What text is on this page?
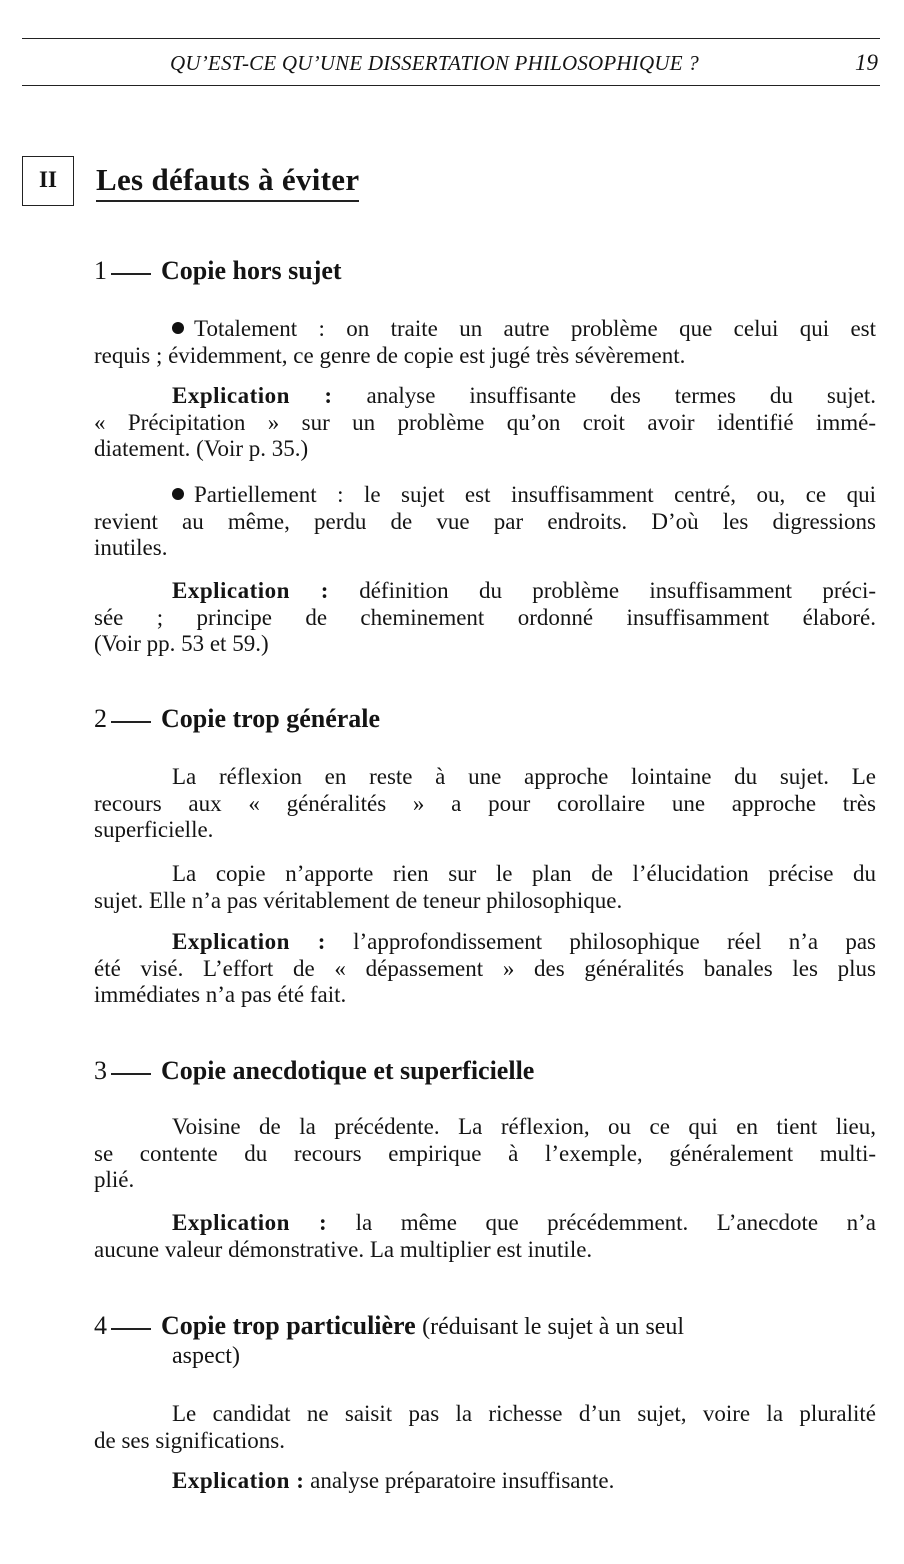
QU’EST-CE QU’UNE DISSERTATION PHILOSOPHIQUE ?	19
II	Les défauts à éviter
1 Copie hors sujet
Totalement : on traite un autre problème que celui qui est
requis ; évidemment, ce genre de copie est jugé très sévèrement.
Explication : analyse insuffisante des termes du sujet.
« Précipitation » sur un problème qu’on croit avoir identifié immé-
diatement. (Voir p. 35.)
Partiellement : le sujet est insuffisamment centré, ou, ce qui
revient au même, perdu de vue par endroits. D’où les digressions
inutiles.
Explication : définition du problème insuffisamment préci-
sée ; principe de cheminement ordonné insuffisamment élaboré.
(Voir pp. 53 et 59.)
2 Copie trop générale
La réflexion en reste à une approche lointaine du sujet. Le
recours aux « généralités » a pour corollaire une approche très
superficielle.
La copie n’apporte rien sur le plan de l’élucidation précise du
sujet. Elle n’a pas véritablement de teneur philosophique.
Explication : l’approfondissement philosophique réel n’a pas
été visé. L’effort de « dépassement » des généralités banales les plus
immédiates n’a pas été fait.
3 Copie anecdotique et superficielle
Voisine de la précédente. La réflexion, ou ce qui en tient lieu,
se contente du recours empirique à l’exemple, généralement multi-
plié.
Explication : la même que précédemment. L’anecdote n’a
aucune valeur démonstrative. La multiplier est inutile.
4 Copie trop particulière (réduisant le sujet à un seul
aspect)
Le candidat ne saisit pas la richesse d’un sujet, voire la pluralité
de ses significations.
Explication : analyse préparatoire insuffisante.
